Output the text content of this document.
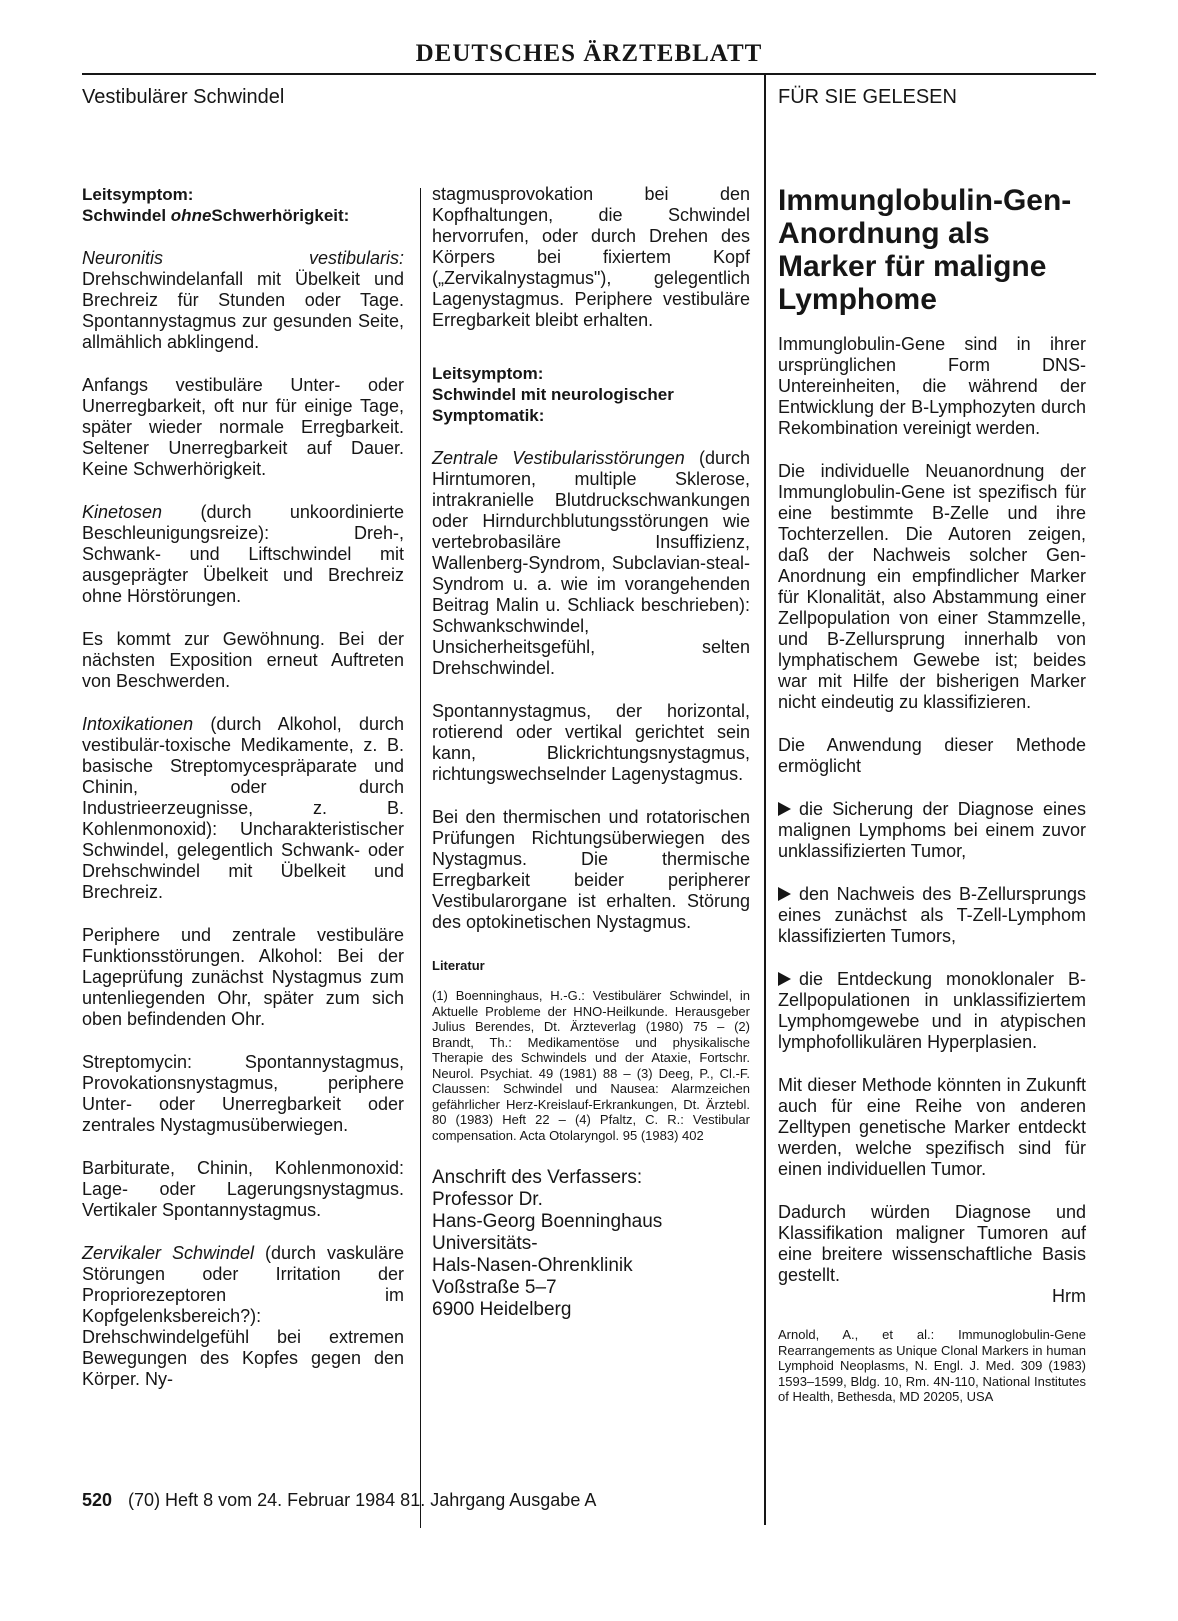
DEUTSCHES ÄRZTEBLATT
Vestibulärer Schwindel	FÜR SIE GELESEN
Leitsymptom:
Schwindel ohneSchwerhörigkeit:

Neuronitis vestibularis: Drehschwindelanfall mit Übelkeit und Brechreiz für Stunden oder Tage. Spontannystagmus zur gesunden Seite, allmählich abklingend.

Anfangs vestibuläre Unter- oder Unerregbarkeit, oft nur für einige Tage, später wieder normale Erregbarkeit. Seltener Unerregbarkeit auf Dauer. Keine Schwerhörigkeit.

Kinetosen (durch unkoordinierte Beschleunigungsreize): Dreh-, Schwank- und Liftschwindel mit ausgeprägter Übelkeit und Brechreiz ohne Hörstörungen.

Es kommt zur Gewöhnung. Bei der nächsten Exposition erneut Auftreten von Beschwerden.

Intoxikationen (durch Alkohol, durch vestibulär-toxische Medikamente, z. B. basische Streptomycespräparate und Chinin, oder durch Industrieerzeugnisse, z. B. Kohlenmonoxid): Uncharakteristischer Schwindel, gelegentlich Schwank- oder Drehschwindel mit Übelkeit und Brechreiz.

Periphere und zentrale vestibuläre Funktionsstörungen. Alkohol: Bei der Lageprüfung zunächst Nystagmus zum untenliegenden Ohr, später zum sich oben befindenden Ohr.

Streptomycin: Spontannystagmus, Provokationsnystagmus, periphere Unter- oder Unerregbarkeit oder zentrales Nystagmusüberwiegen.

Barbiturate, Chinin, Kohlenmonoxid: Lage- oder Lagerungsnystagmus. Vertikaler Spontannystagmus.

Zervikaler Schwindel (durch vaskuläre Störungen oder Irritation der Propriorezeptoren im Kopfgelenksbereich?): Drehschwindelgefühl bei extremen Bewegungen des Kopfes gegen den Körper. Ny-

stagmusprovokation bei den Kopfhaltungen, die Schwindel hervorrufen, oder durch Drehen des Körpers bei fixiertem Kopf („Zervikalnystagmus"), gelegentlich Lagenystagmus. Periphere vestibuläre Erregbarkeit bleibt erhalten.

Leitsymptom:
Schwindel mit neurologischer Symptomatik:

Zentrale Vestibularisstörungen (durch Hirntumoren, multiple Sklerose, intrakranielle Blutdruckschwankungen oder Hirndurchblutungsstörungen wie vertebrobasiläre Insuffizienz, Wallenberg-Syndrom, Subclavian-steal-Syndrom u. a. wie im vorangehenden Beitrag Malin u. Schliack beschrieben): Schwankschwindel, Unsicherheitsgefühl, selten Drehschwindel.

Spontannystagmus, der horizontal, rotierend oder vertikal gerichtet sein kann, Blickrichtungsnystagmus, richtungswechselnder Lagenystagmus.

Bei den thermischen und rotatorischen Prüfungen Richtungsüberwiegen des Nystagmus. Die thermische Erregbarkeit beider peripherer Vestibularorgane ist erhalten. Störung des optokinetischen Nystagmus.

Literatur
(1) Boenninghaus, H.-G.: Vestibulärer Schwindel, in Aktuelle Probleme der HNO-Heilkunde. Herausgeber Julius Berendes, Dt. Ärzteverlag (1980) 75 – (2) Brandt, Th.: Medikamentöse und physikalische Therapie des Schwindels und der Ataxie, Fortschr. Neurol. Psychiat. 49 (1981) 88 – (3) Deeg, P., Cl.-F. Claussen: Schwindel und Nausea: Alarmzeichen gefährlicher Herz-Kreislauf-Erkrankungen, Dt. Ärztebl. 80 (1983) Heft 22 – (4) Pfaltz, C. R.: Vestibular compensation. Acta Otolaryngol. 95 (1983) 402
Anschrift des Verfassers:
Professor Dr.
Hans-Georg Boenninghaus
Universitäts-
Hals-Nasen-Ohrenklinik
Voßstraße 5–7
6900 Heidelberg
Immunglobulin-Gen-Anordnung als Marker für maligne Lymphome

Immunglobulin-Gene sind in ihrer ursprünglichen Form DNS-Untereinheiten, die während der Entwicklung der B-Lymphozyten durch Rekombination vereinigt werden.

Die individuelle Neuanordnung der Immunglobulin-Gene ist spezifisch für eine bestimmte B-Zelle und ihre Tochterzellen. Die Autoren zeigen, daß der Nachweis solcher Gen-Anordnung ein empfindlicher Marker für Klonalität, also Abstammung einer Zellpopulation von einer Stammzelle, und B-Zellursprung innerhalb von lymphatischem Gewebe ist; beides war mit Hilfe der bisherigen Marker nicht eindeutig zu klassifizieren.

Die Anwendung dieser Methode ermöglicht

die Sicherung der Diagnose eines malignen Lymphoms bei einem zuvor unklassifizierten Tumor,
den Nachweis des B-Zellursprungs eines zunächst als T-Zell-Lymphom klassifizierten Tumors,
die Entdeckung monoklonaler B-Zellpopulationen in unklassifiziertem Lymphomgewebe und in atypischen lymphofollikulären Hyperplasien.

Mit dieser Methode könnten in Zukunft auch für eine Reihe von anderen Zelltypen genetische Marker entdeckt werden, welche spezifisch sind für einen individuellen Tumor.

Dadurch würden Diagnose und Klassifikation maligner Tumoren auf eine breitere wissenschaftliche Basis gestellt.

Hrm
Arnold, A., et al.: Immunoglobulin-Gene Rearrangements as Unique Clonal Markers in human Lymphoid Neoplasms, N. Engl. J. Med. 309 (1983) 1593–1599, Bldg. 10, Rm. 4N-110, National Institutes of Health, Bethesda, MD 20205, USA
520 (70) Heft 8 vom 24. Februar 1984 81. Jahrgang Ausgabe A
